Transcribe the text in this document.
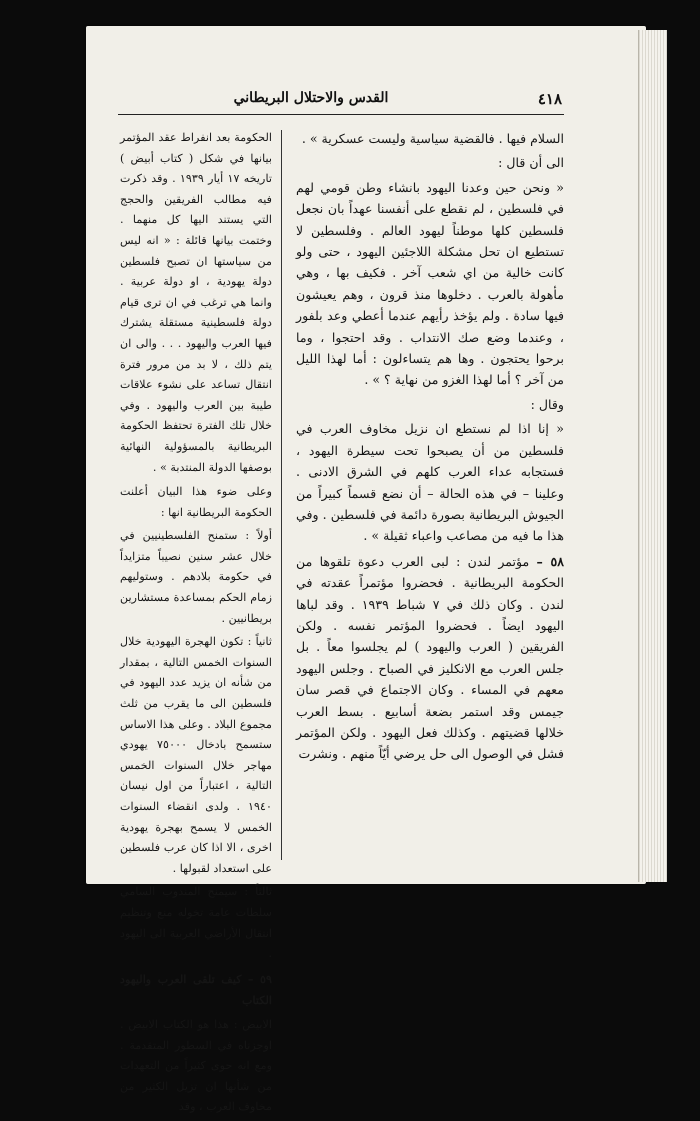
٤١٨
القدس والاحتلال البريطاني

السلام فيها . فالقضية سياسية وليست عسكرية » .

الى أن قال :

« ونحن حين وعدنا اليهود بانشاء وطن قومي لهم في فلسطين ، لم نقطع على أنفسنا عهداً بان نجعل فلسطين كلها موطناً ليهود العالم . وفلسطين لا تستطيع ان تحل مشكلة اللاجئين اليهود ، حتى ولو كانت خالية من اي شعب آخر . فكيف بها ، وهي مأهولة بالعرب . دخلوها منذ قرون ، وهم يعيشون فيها سادة . ولم يؤخذ رأيهم عندما أعطي وعد بلفور ، وعندما وضع صك الانتداب . وقد احتجوا ، وما برحوا يحتجون . وها هم يتساءلون : أما لهذا الليل من آخر ؟ أما لهذا الغزو من نهاية ؟ » .

وقال :

« إنا اذا لم نستطع ان نزيل مخاوف العرب في فلسطين من أن يصبحوا تحت سيطرة اليهود ، فستجابه عداء العرب كلهم في الشرق الادنى . وعلينا – في هذه الحالة – أن نضع قسماً كبيراً من الجيوش البريطانية بصورة دائمة في فلسطين . وفي هذا ما فيه من مصاعب واعباء ثقيلة » .

٥٨ – مؤتمر لندن : لبى العرب دعوة تلقوها من الحكومة البريطانية . فحضروا مؤتمراً عقدته في لندن . وكان ذلك في ٧ شباط ١٩٣٩ . وقد لباها اليهود ايضاً . فحضروا المؤتمر نفسه . ولكن الفريقين ( العرب واليهود ) لم يجلسوا معاً . بل جلس العرب مع الانكليز في الصباح . وجلس اليهود معهم في المساء . وكان الاجتماع في قصر سان جيمس وقد استمر بضعة أسابيع . بسط العرب خلالها قضيتهم . وكذلك فعل اليهود . ولكن المؤتمر فشل في الوصول الى حل يرضي أيّاً منهم . ونشرت

الحكومة بعد انفراط عقد المؤتمر بيانها في شكل ( كتاب أبيض ) تاريخه ١٧ أيار ١٩٣٩ . وقد ذكرت فيه مطالب الفريقين والحجج التي يستند اليها كل منهما . وختمت بيانها قائلة : « انه ليس من سياستها ان تصبح فلسطين دولة يهودية ، او دولة عربية . وانما هي ترغب في ان ترى قيام دولة فلسطينية مستقلة يشترك فيها العرب واليهود . . . والى ان يتم ذلك ، لا بد من مرور فترة انتقال تساعد على نشوء علاقات طيبة بين العرب واليهود . وفي خلال تلك الفترة تحتفظ الحكومة البريطانية بالمسؤولية النهائية بوصفها الدولة المنتدبة » .

وعلى ضوء هذا البيان أعلنت الحكومة البريطانية انها :

أولاً : ستمنح الفلسطينيين في خلال عشر سنين نصيباً متزايداً في حكومة بلادهم . وستوليهم زمام الحكم بمساعدة مستشارين بريطانيين .

ثانياً : تكون الهجرة اليهودية خلال السنوات الخمس التالية ، بمقدار من شأنه ان يزيد عدد اليهود في فلسطين الى ما يقرب من ثلث مجموع البلاد . وعلى هذا الاساس ستسمح بادخال ٧٥٠٠٠ يهودي مهاجر خلال السنوات الخمس التالية ، اعتباراً من اول نيسان ١٩٤٠ . ولدى انقضاء السنوات الخمس لا يسمح بهجرة يهودية اخرى ، الا اذا كان عرب فلسطين على استعداد لقبولها .

ثالثاً : سيمنح المندوب السامي سلطات عامة تخوله منع وتنظيم انتقال الأراضي العربية الى اليهود .

٥٩ – كيف تلقى العرب واليهود الكتاب

الابيض : هذا هو الكتاب الابيض . اوجزناه في السطور المتقدمة . ومع انه حوى كثيراً من التعهدات من شأنها ان تزيل الكثير من مخاوف العرب ، وقد
